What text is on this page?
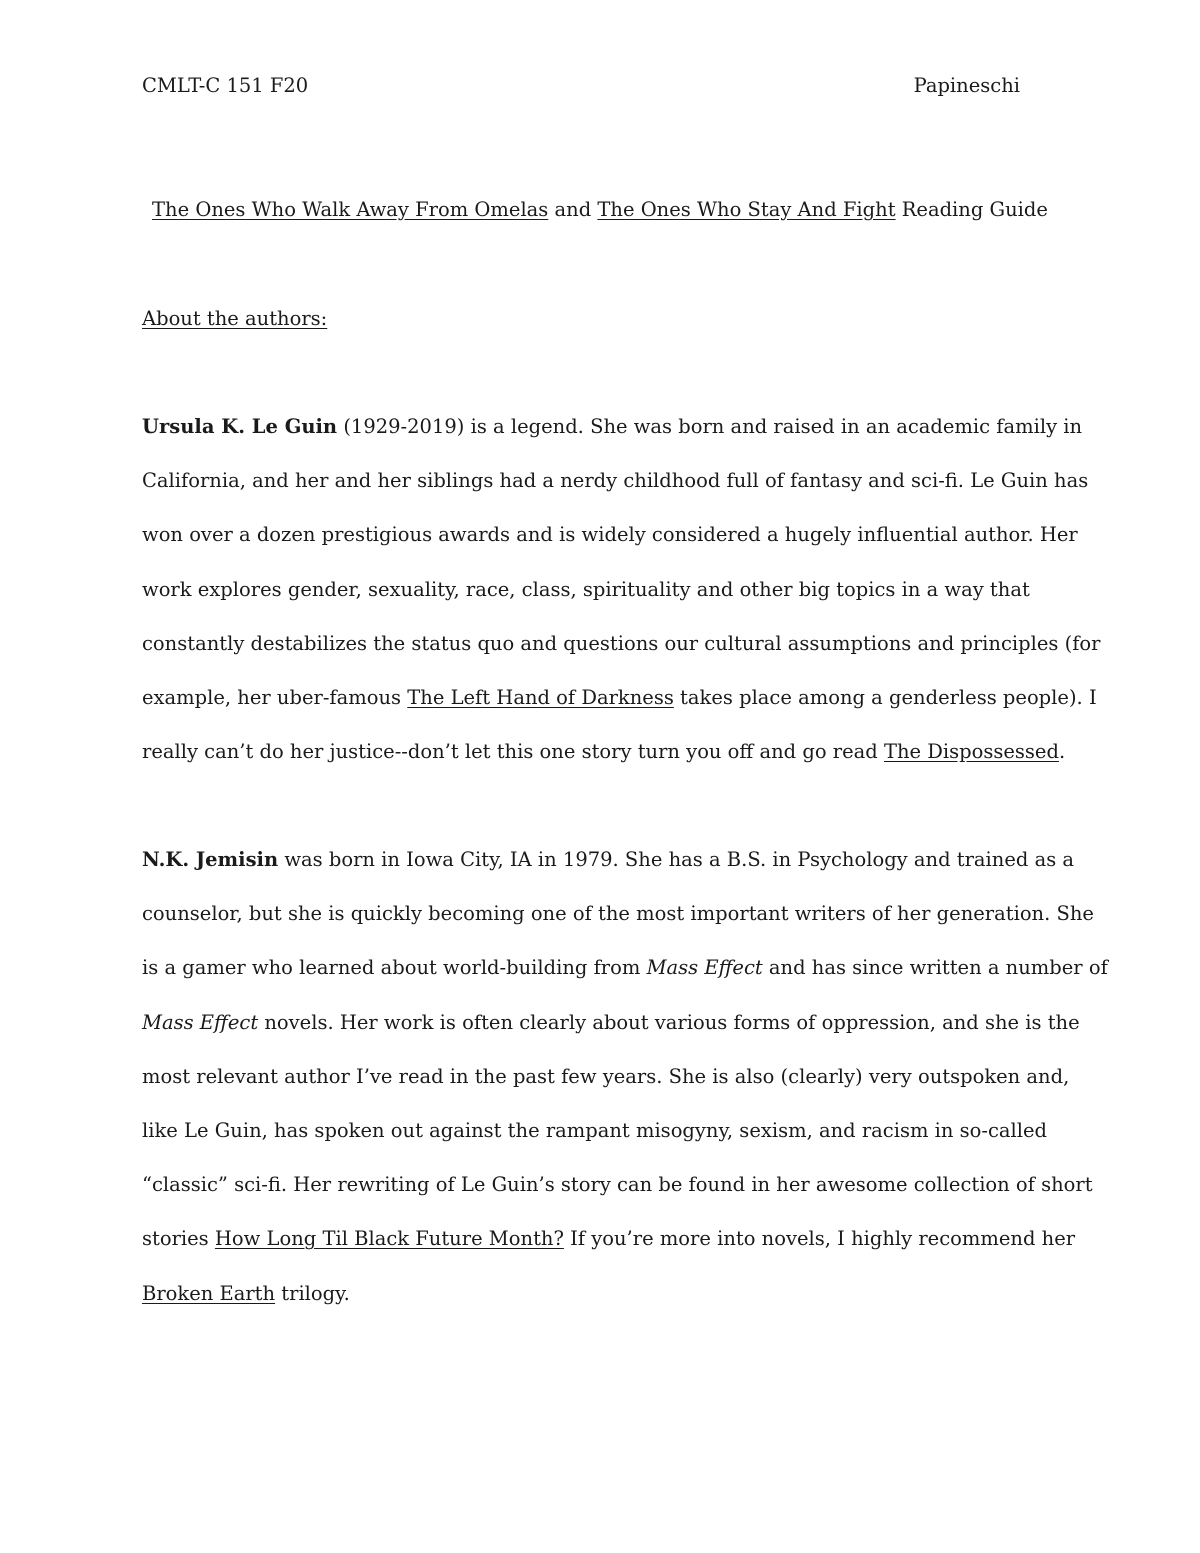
CMLT-C 151 F20	Papineschi
The Ones Who Walk Away From Omelas and The Ones Who Stay And Fight Reading Guide
About the authors:
Ursula K. Le Guin (1929-2019) is a legend. She was born and raised in an academic family in
California, and her and her siblings had a nerdy childhood full of fantasy and sci-fi. Le Guin has
won over a dozen prestigious awards and is widely considered a hugely influential author. Her
work explores gender, sexuality, race, class, spirituality and other big topics in a way that
constantly destabilizes the status quo and questions our cultural assumptions and principles (for
example, her uber-famous The Left Hand of Darkness takes place among a genderless people). I
really can’t do her justice--don’t let this one story turn you off and go read The Dispossessed.
N.K. Jemisin was born in Iowa City, IA in 1979. She has a B.S. in Psychology and trained as a
counselor, but she is quickly becoming one of the most important writers of her generation. She
is a gamer who learned about world-building from Mass Effect and has since written a number of
Mass Effect novels. Her work is often clearly about various forms of oppression, and she is the
most relevant author I’ve read in the past few years. She is also (clearly) very outspoken and,
like Le Guin, has spoken out against the rampant misogyny, sexism, and racism in so-called
“classic” sci-fi. Her rewriting of Le Guin’s story can be found in her awesome collection of short
stories How Long Til Black Future Month? If you’re more into novels, I highly recommend her
Broken Earth trilogy.
